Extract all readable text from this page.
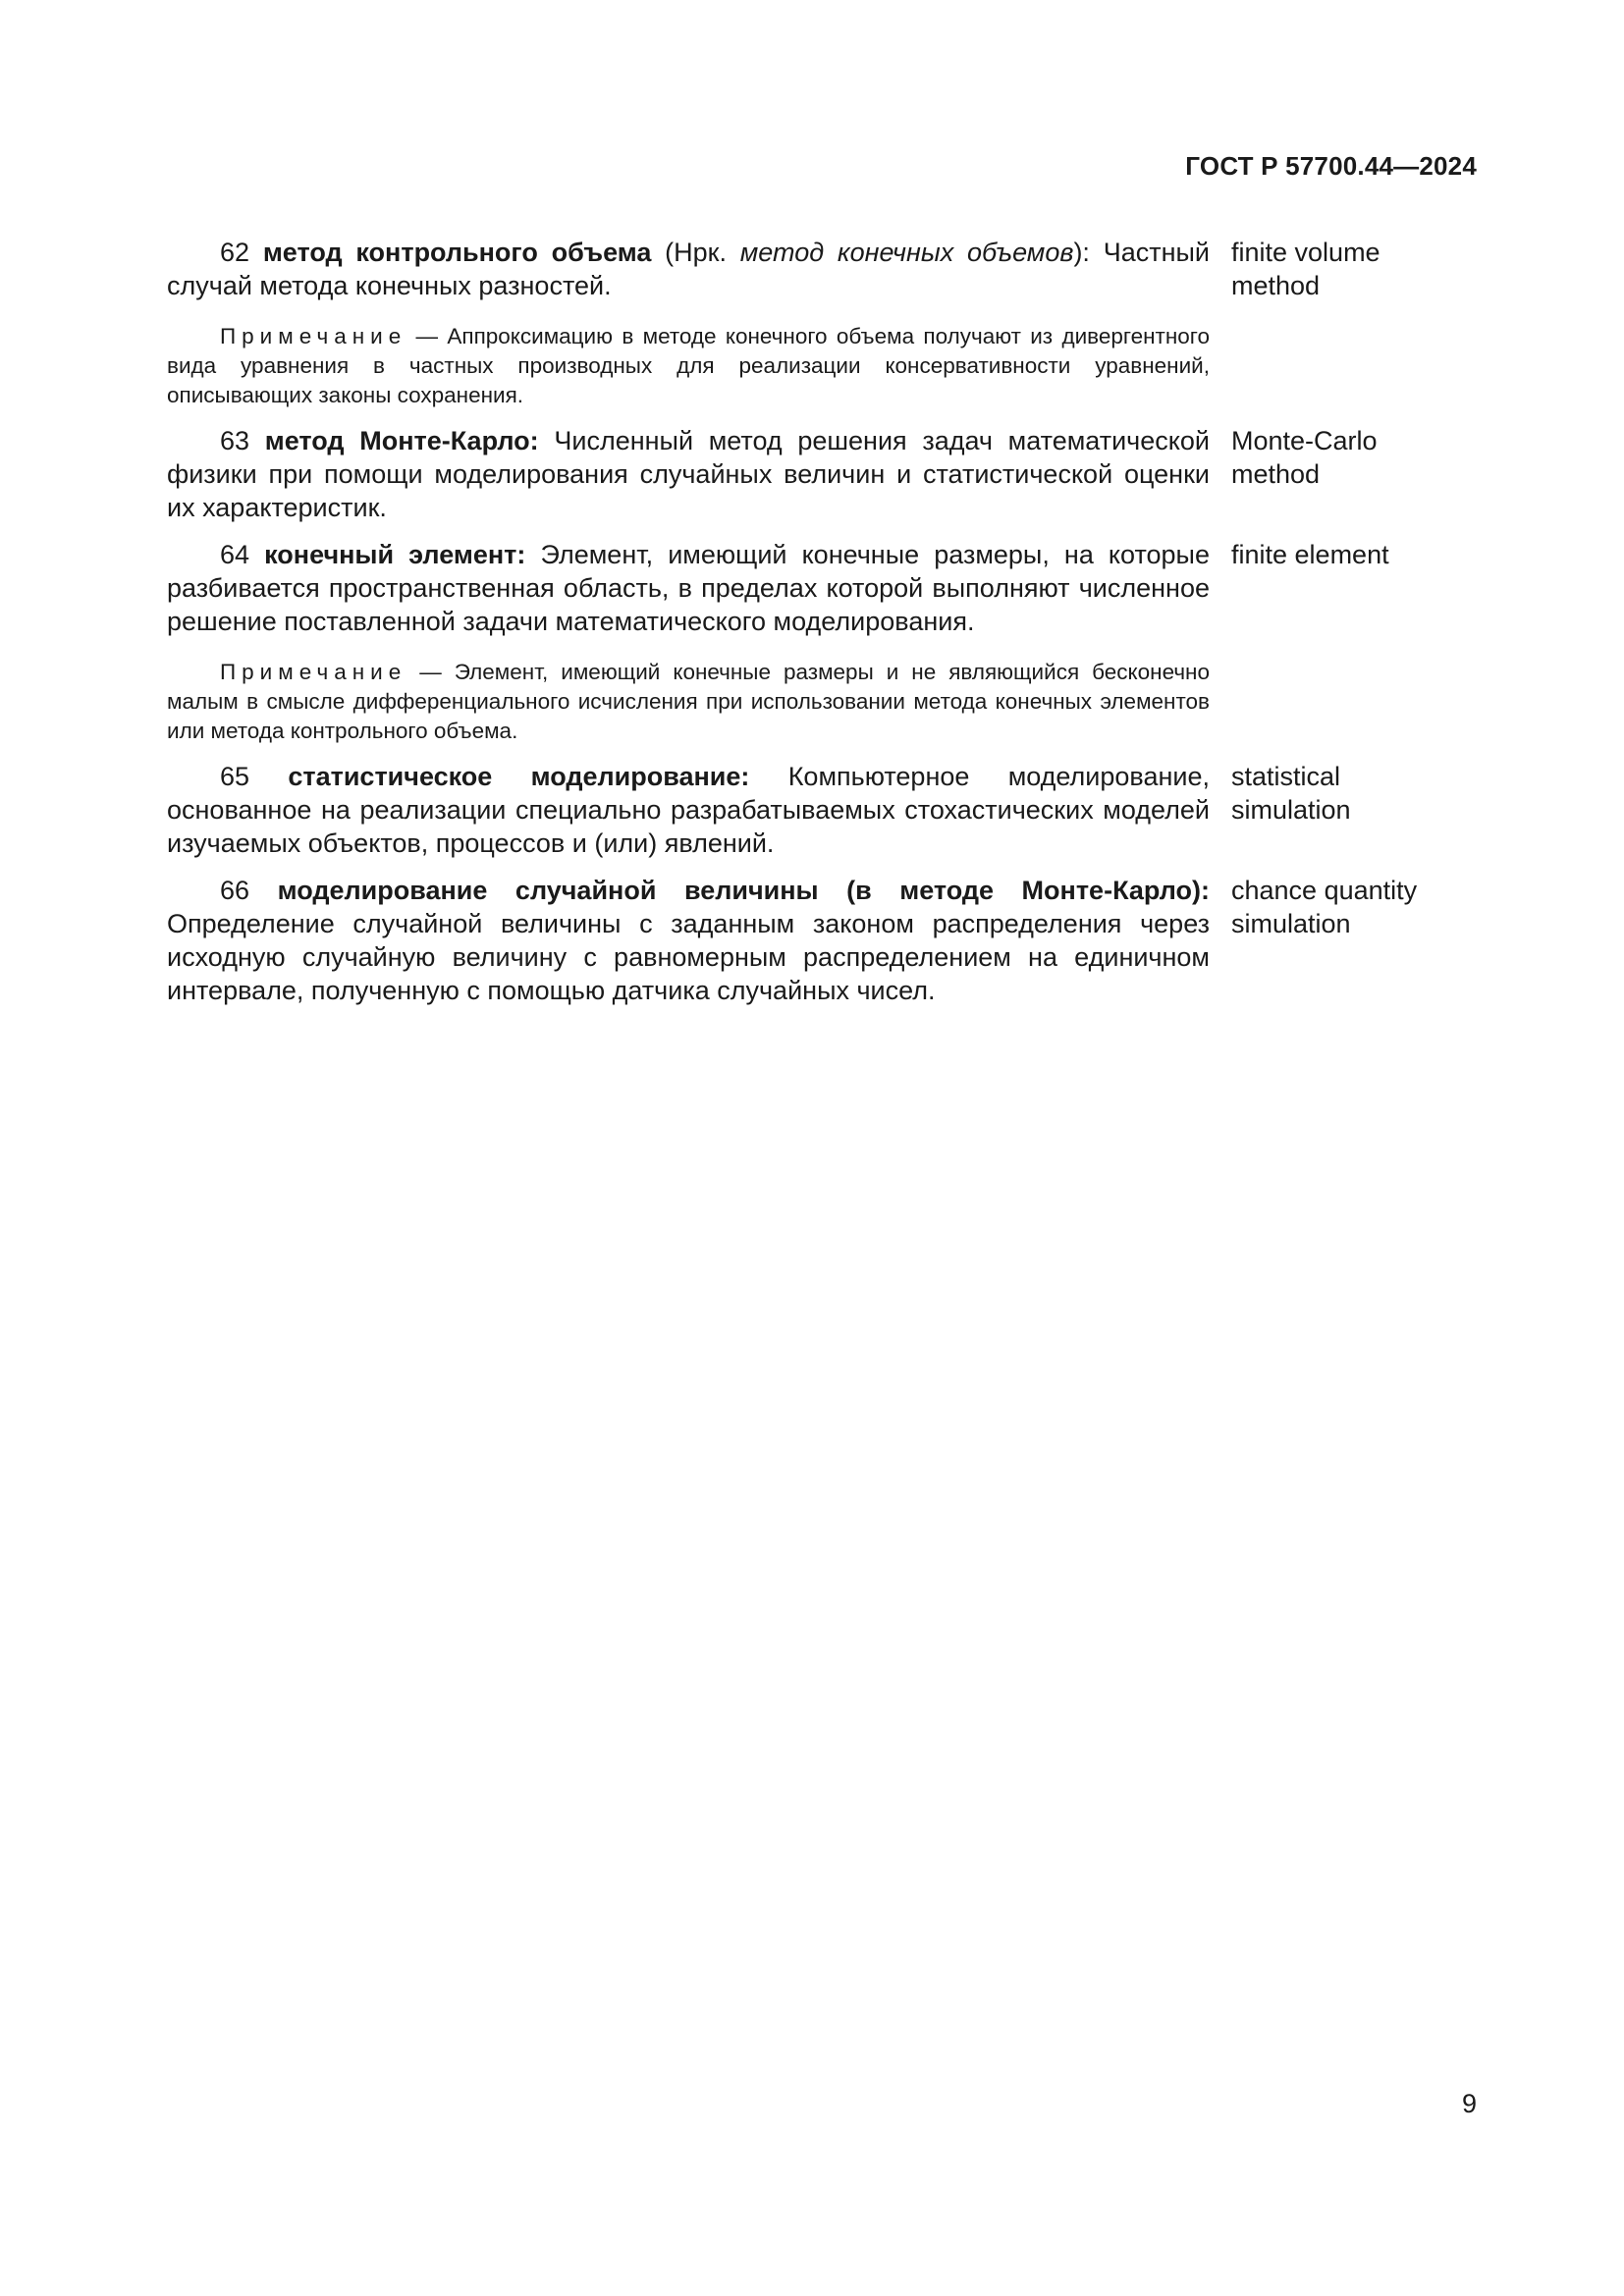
ГОСТ Р 57700.44—2024

62 метод контрольного объема (Нрк. метод конечных объемов): Частный случай метода конечных разностей.

finite volume
method

Примечание — Аппроксимацию в методе конечного объема получают из дивергентного вида уравнения в частных производных для реализации консервативности уравнений, описывающих законы сохранения.

63 метод Монте-Карло: Численный метод решения задач математической физики при помощи моделирования случайных величин и статистической оценки их характеристик.

Monte-Carlo
method

64 конечный элемент: Элемент, имеющий конечные размеры, на которые разбивается пространственная область, в пределах которой выполняют численное решение поставленной задачи математического моделирования.

finite element

Примечание — Элемент, имеющий конечные размеры и не являющийся бесконечно малым в смысле дифференциального исчисления при использовании метода конечных элементов или метода контрольного объема.

65 статистическое моделирование: Компьютерное моделирование, основанное на реализации специально разрабатываемых стохастических моделей изучаемых объектов, процессов и (или) явлений.

statistical
simulation

66 моделирование случайной величины (в методе Монте-Карло): Определение случайной величины с заданным законом распределения через исходную случайную величину с равномерным распределением на единичном интервале, полученную с помощью датчика случайных чисел.

chance quantity
simulation
9
